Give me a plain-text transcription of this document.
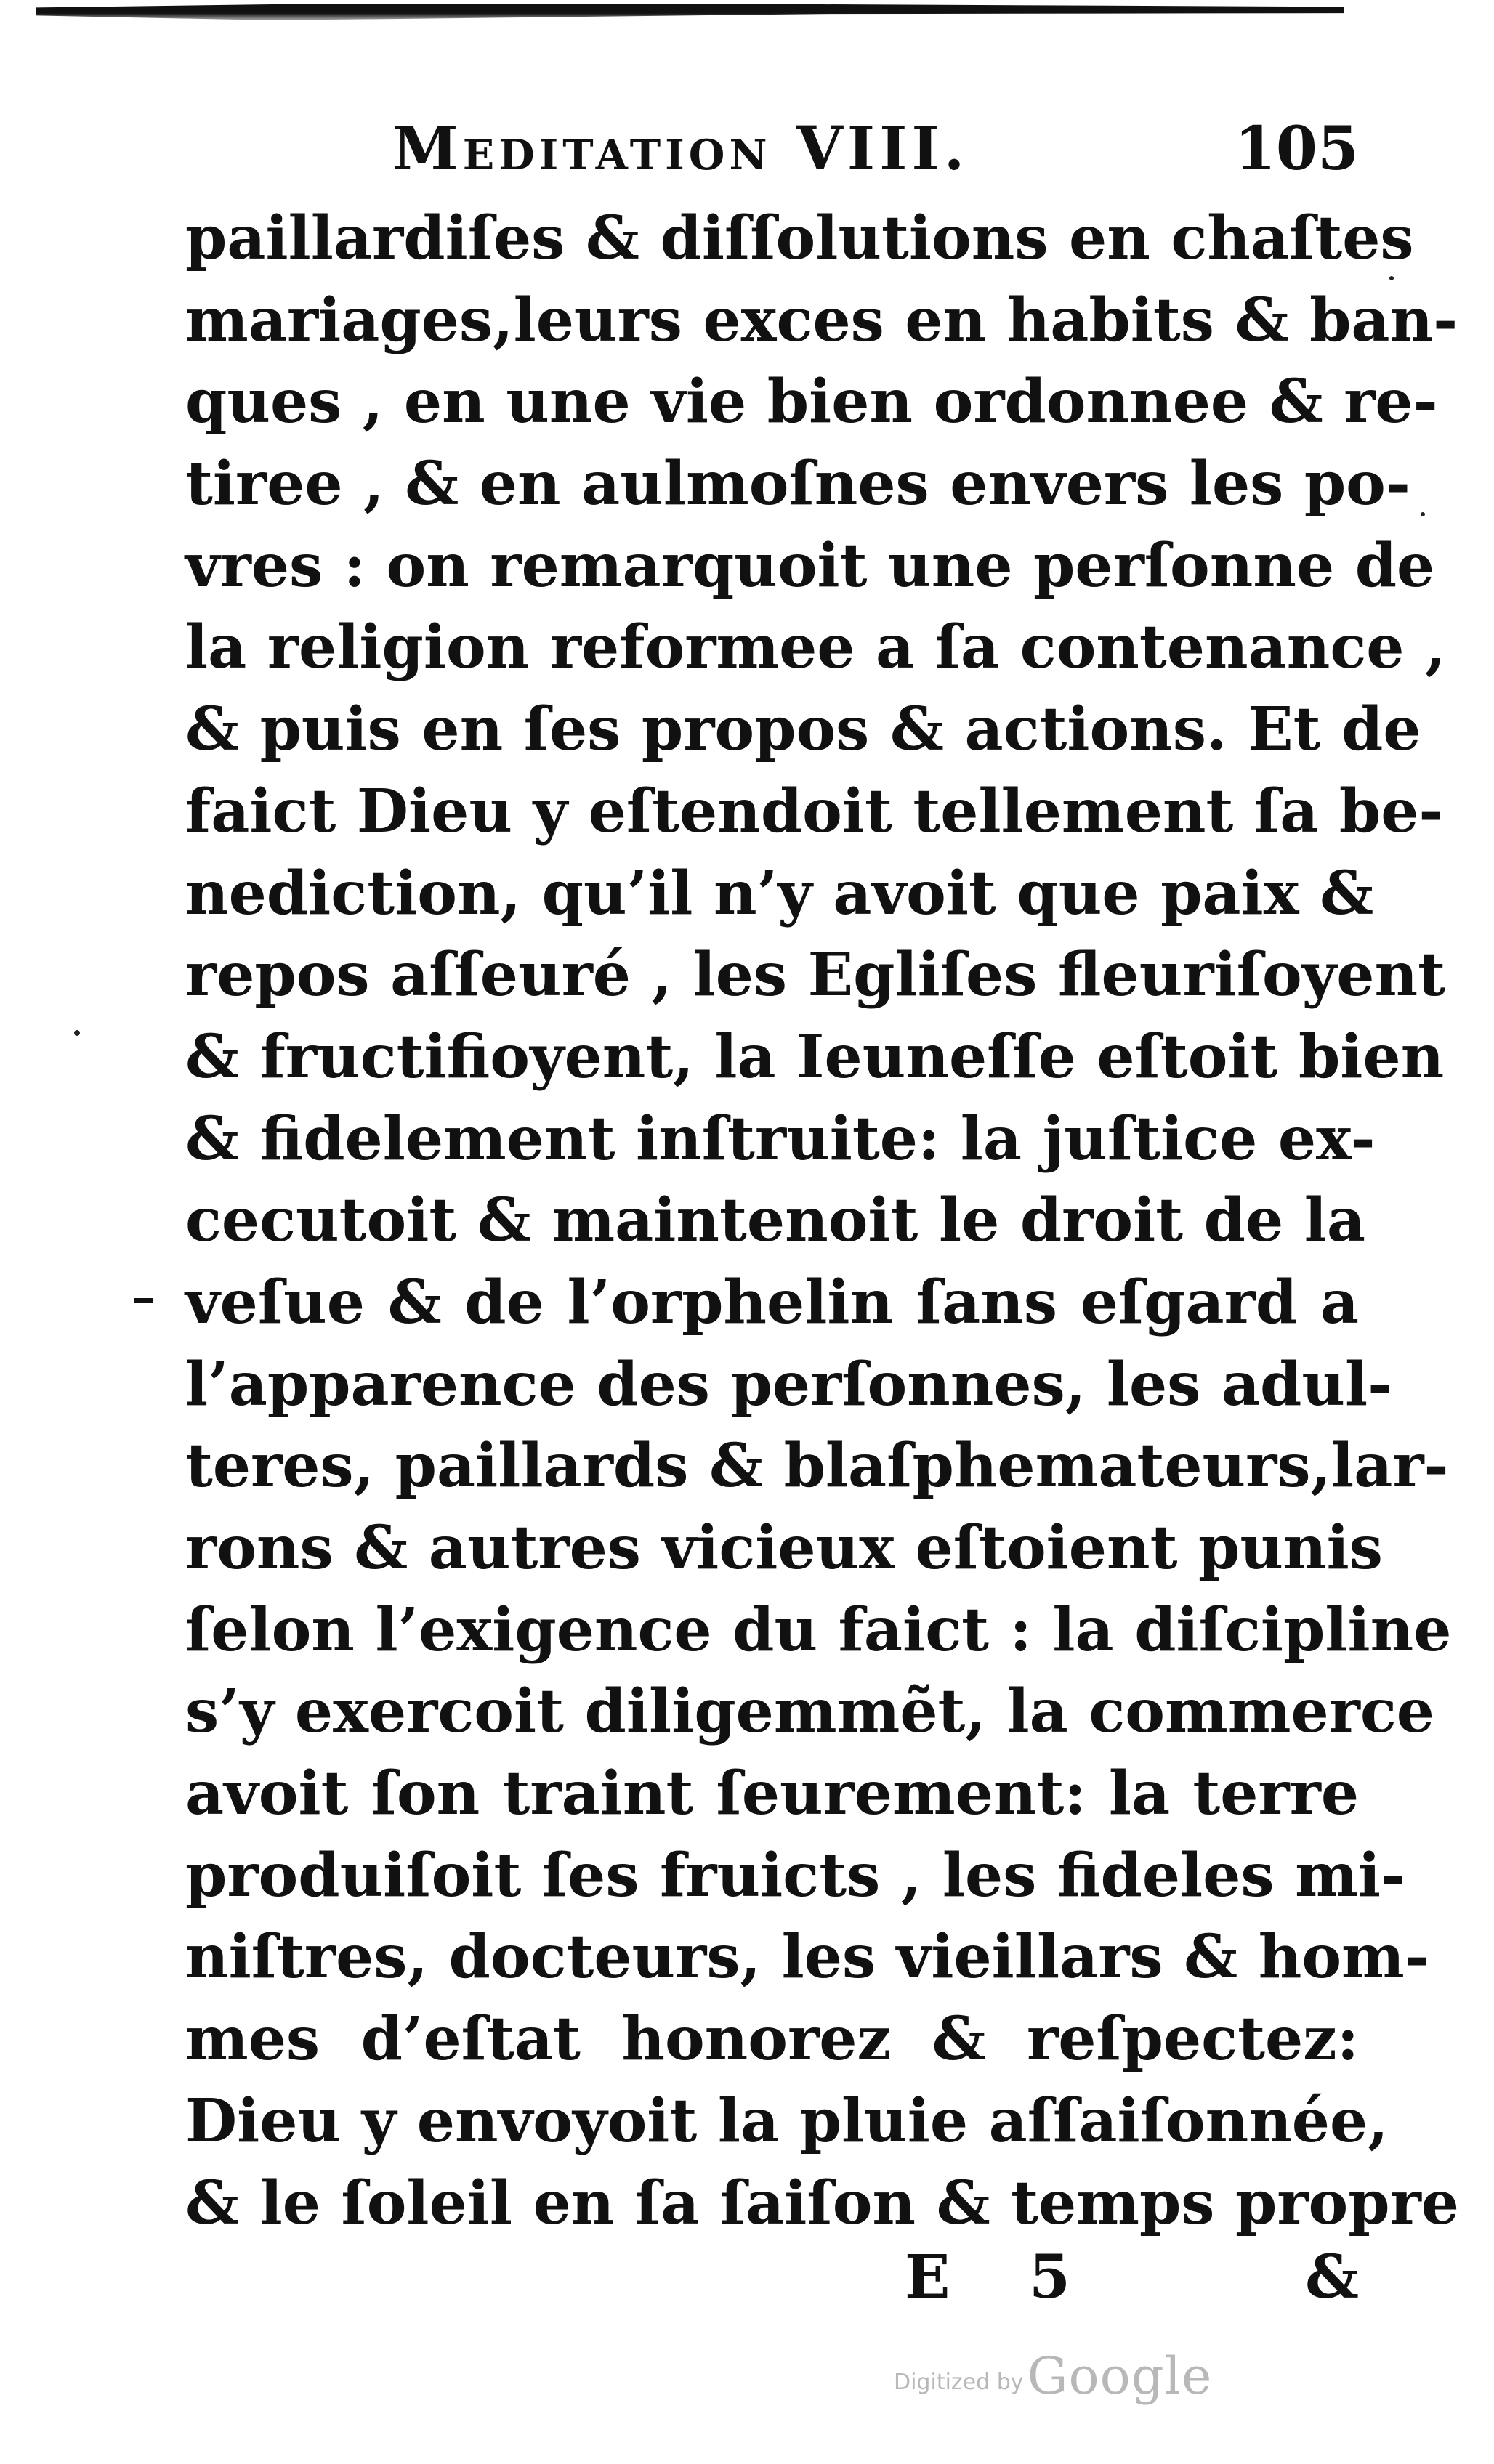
Meditation VIII.	105
paillardiſes & diſſolutions en chaſtes
mariages,leurs exces en habits & ban-
ques , en une vie bien ordonnee & re-
tiree , & en aulmoſnes envers les po-
vres : on remarquoit une perſonne de
la religion reformee a ſa contenance ,
& puis en ſes propos & actions. Et de
faict Dieu y eſtendoit tellement ſa be-
nediction, qu’il n’y avoit que paix &
repos aſſeuré , les Egliſes fleuriſoyent
& fructifioyent, la Ieuneſſe eſtoit bien
& fidelement inſtruite: la juſtice ex-
cecutoit & maintenoit le droit de la
veſue & de l’orphelin ſans eſgard a
l’apparence des perſonnes, les adul-
teres, paillards & blaſphemateurs,lar-
rons & autres vicieux eſtoient punis
ſelon l’exigence du faict : la diſcipline
s’y exercoit diligemmẽt, la commerce
avoit ſon traint ſeurement: la terre
produiſoit ſes fruicts , les fideles mi-
niſtres, docteurs, les vieillars & hom-
mes d’eſtat honorez & reſpectez:
Dieu y envoyoit la pluie aſſaiſonnée,
& le ſoleil en ſa ſaiſon & temps propre
E 5	&
Digitized by Google
